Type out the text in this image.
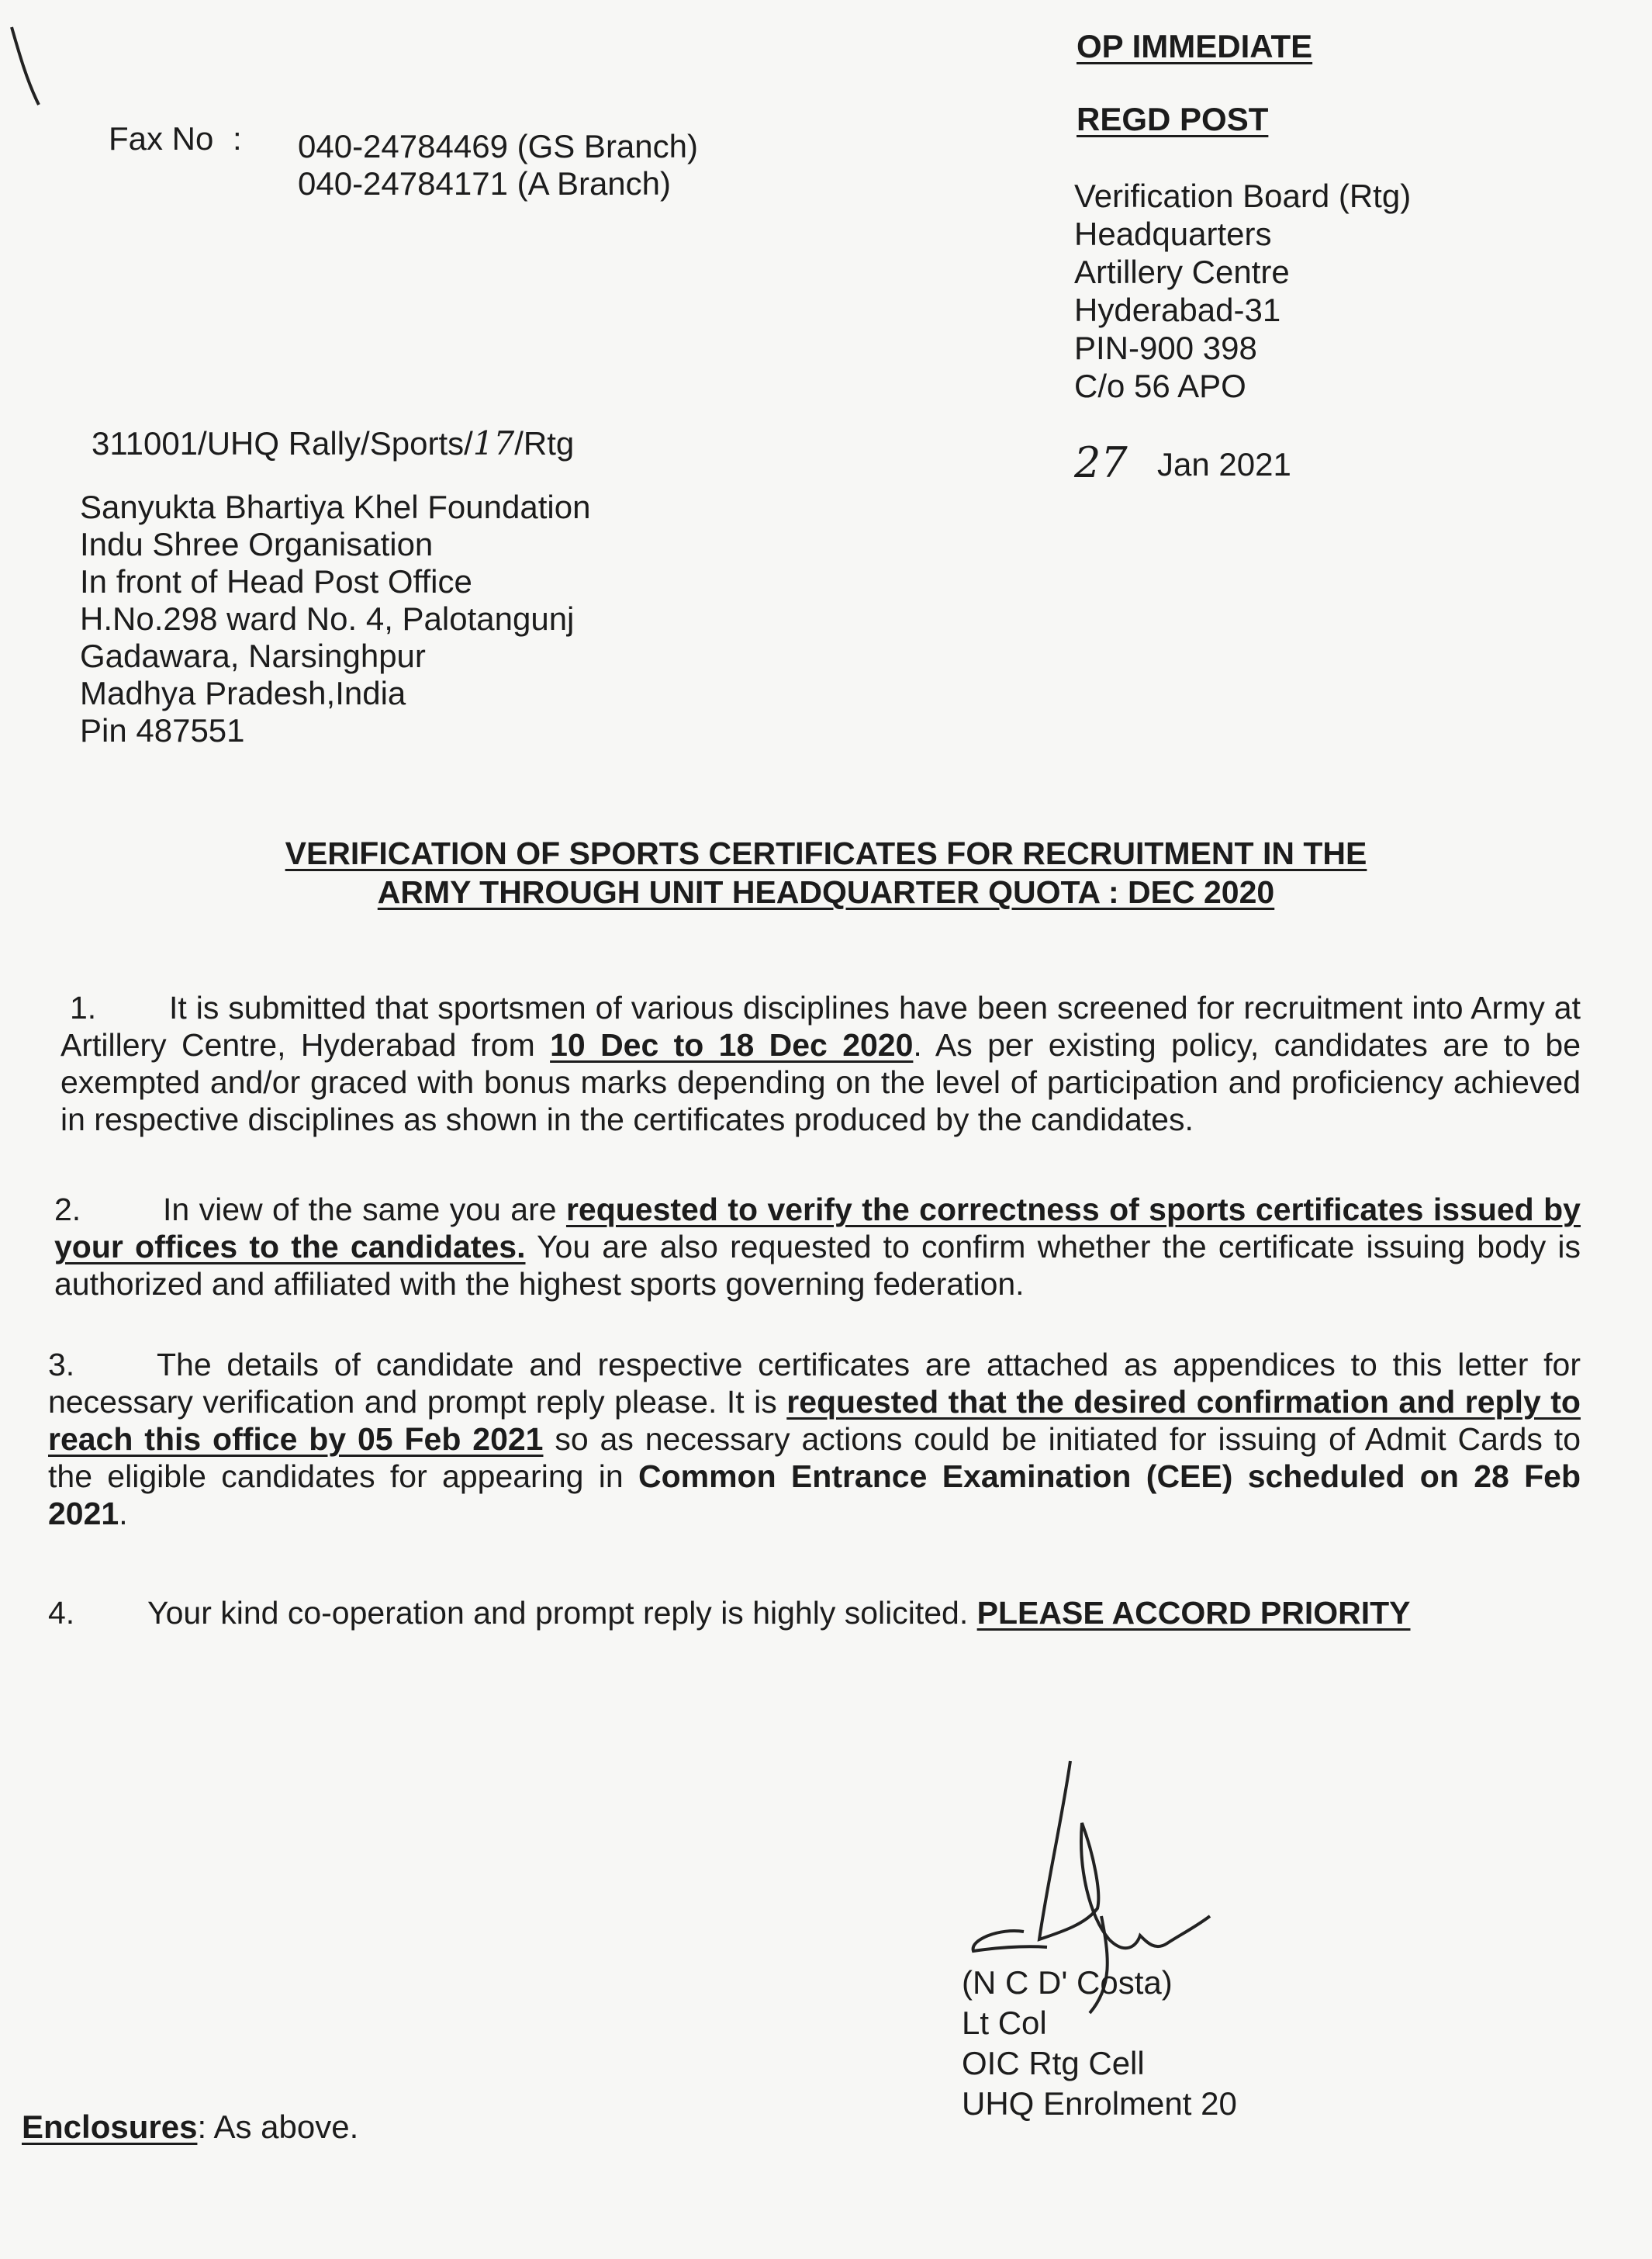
OP IMMEDIATE
REGD POST
Fax No : 040-24784469 (GS Branch)
040-24784171 (A Branch)	Verification Board (Rtg)
Headquarters
Artillery Centre
Hyderabad-31
PIN-900 398
C/o 56 APO
311001/UHQ Rally/Sports/17/Rtg	27 Jan 2021
Sanyukta Bhartiya Khel Foundation
Indu Shree Organisation
In front of Head Post Office
H.No.298 ward No. 4, Palotangunj
Gadawara, Narsinghpur
Madhya Pradesh,India
Pin 487551
VERIFICATION OF SPORTS CERTIFICATES FOR RECRUITMENT IN THE
ARMY THROUGH UNIT HEADQUARTER QUOTA : DEC 2020
1. It is submitted that sportsmen of various disciplines have been screened for recruitment into Army at Artillery Centre, Hyderabad from 10 Dec to 18 Dec 2020. As per existing policy, candidates are to be exempted and/or graced with bonus marks depending on the level of participation and proficiency achieved in respective disciplines as shown in the certificates produced by the candidates.
2.	In view of the same you are requested to verify the correctness of sports certificates issued by your offices to the candidates. You are also requested to confirm whether the certificate issuing body is authorized and affiliated with the highest sports governing federation.
3.	The details of candidate and respective certificates are attached as appendices to this letter for necessary verification and prompt reply please. It is requested that the desired confirmation and reply to reach this office by 05 Feb 2021 so as necessary actions could be initiated for issuing of Admit Cards to the eligible candidates for appearing in Common Entrance Examination (CEE) scheduled on 28 Feb 2021.
4. Your kind co-operation and prompt reply is highly solicited. PLEASE ACCORD PRIORITY
(N C D' Costa)
Lt Col
OIC Rtg Cell
UHQ Enrolment 20
Enclosures: As above.
